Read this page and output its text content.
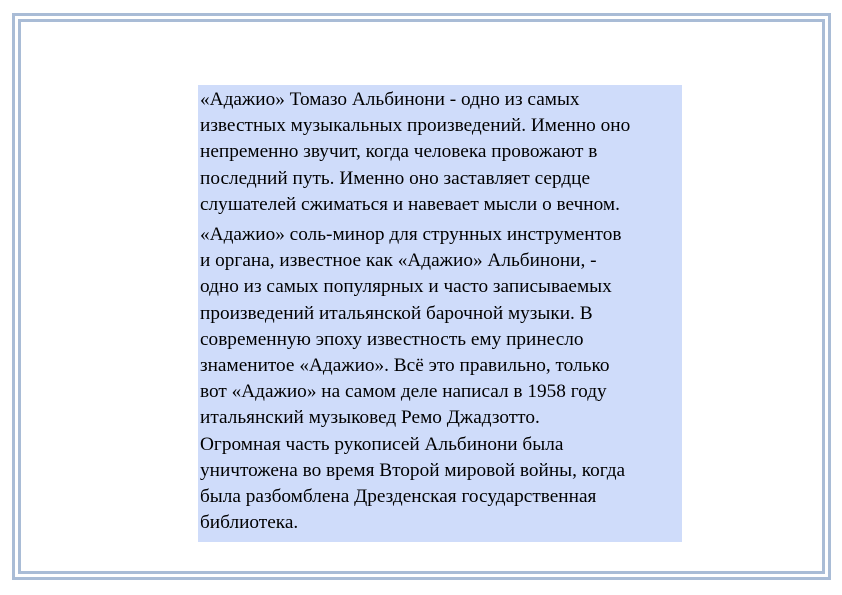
«Адажио» Томазо Альбинони - одно из самых
известных музыкальных произведений. Именно оно
непременно звучит, когда человека провожают в
последний путь. Именно оно заставляет сердце
слушателей сжиматься и навевает мысли о вечном.

«Адажио» соль-минор для струнных инструментов
и органа, известное как «Адажио» Альбинони, -
одно из самых популярных и часто записываемых
произведений итальянской барочной музыки. В
современную эпоху известность ему принесло
знаменитое «Адажио». Всё это правильно, только
вот «Адажио» на самом деле написал в 1958 году
итальянский музыковед Ремо Джадзотто.
Огромная часть рукописей Альбинони была
уничтожена во время Второй мировой войны, когда
была разбомблена Дрезденская государственная
библиотека.
